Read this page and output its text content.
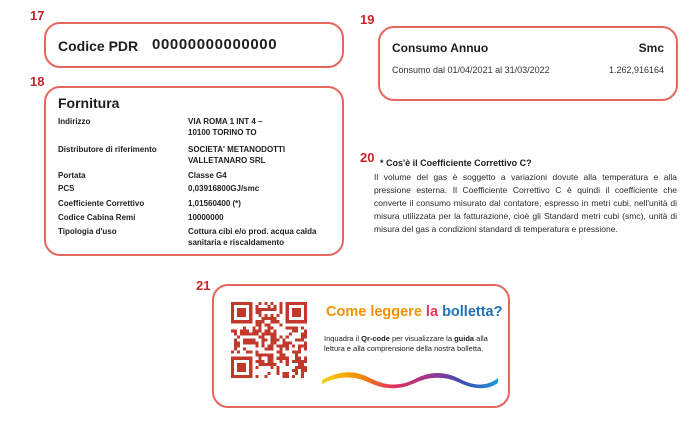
17
Codice PDR 00000000000000
18
Fornitura
Indirizzo	VIA ROMA 1 INT 4 –
10100 TORINO TO
Distributore di riferimento	SOCIETA' METANODOTTI
VALLETANARO SRL
Portata	Classe G4
PCS	0,03916800GJ/smc
Coefficiente Correttivo	1,01560400 (*)
Codice Cabina Remi	10000000
Tipologia d'uso	Cottura cibi e/o prod. acqua calda
sanitaria e riscaldamento
19
Consumo Annuo	Smc
Consumo dal 01/04/2021 al 31/03/2022	1.262,916164
20 * Cos'è il Coefficiente Correttivo C?
Il volume del gas è soggetto a variazioni dovute alla temperatura e alla pressione esterna. Il Coefficiente Correttivo C è quindi il coefficiente che converte il consumo misurato dal contatore, espresso in metri cubi, nell'unità di misura utilizzata per la fatturazione, cioè gli Standard metri cubi (smc), unità di misura del gas a condizioni standard di temperatura e pressione.
21
Come leggere la bolletta?
Inquadra il Qr-code per visualizzare la guida alla lettura e alla comprensione della nostra bolletta.
